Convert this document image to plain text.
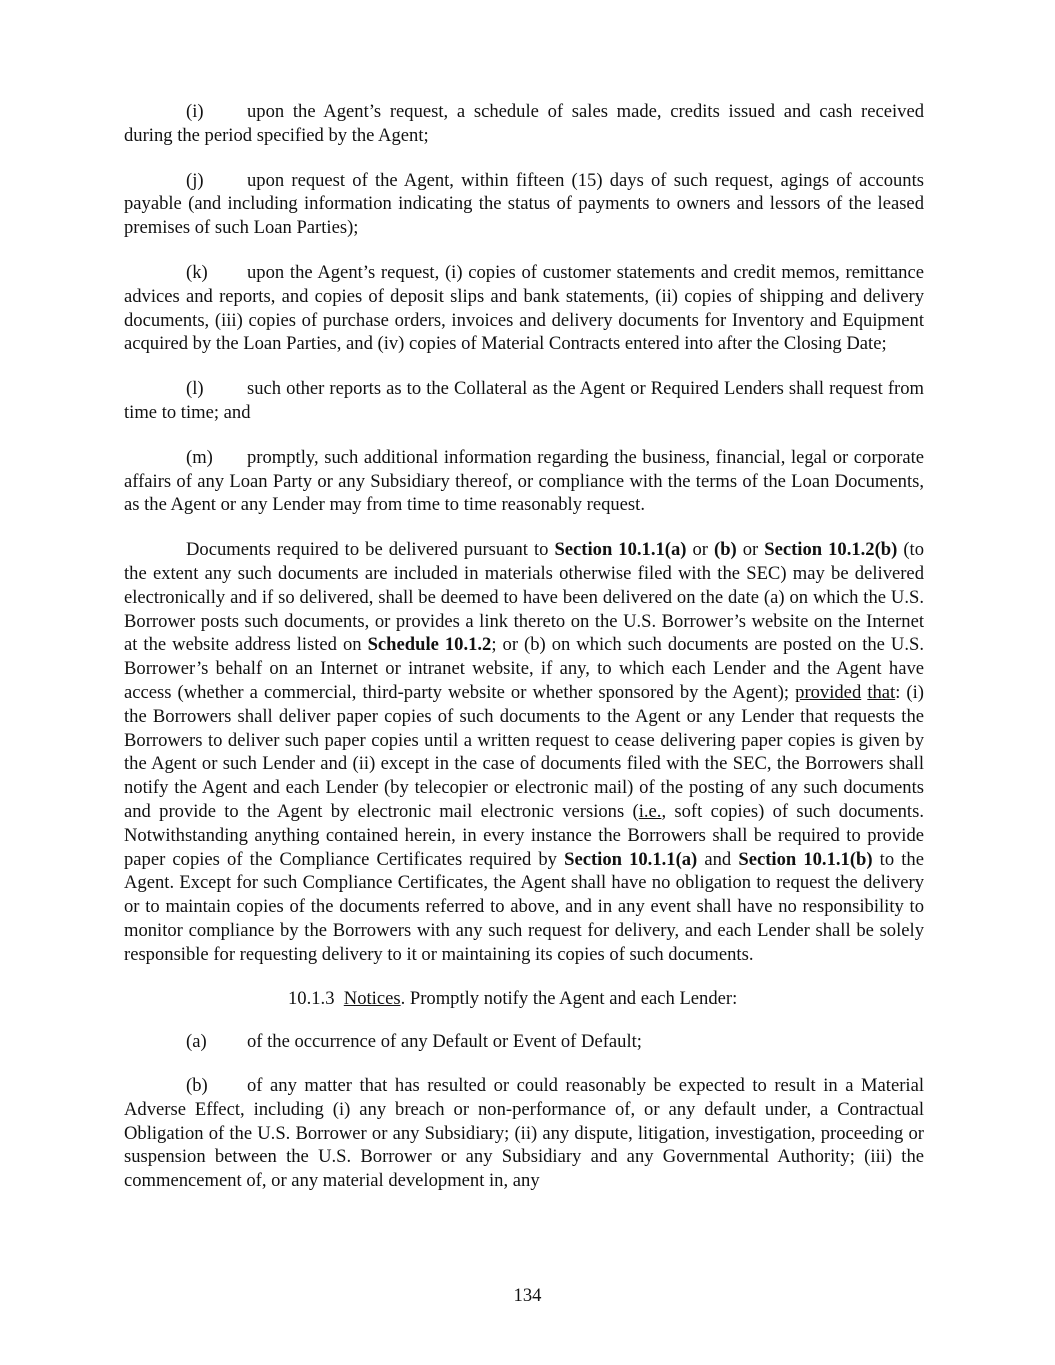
(i) upon the Agent’s request, a schedule of sales made, credits issued and cash received during the period specified by the Agent;

(j) upon request of the Agent, within fifteen (15) days of such request, agings of accounts payable (and including information indicating the status of payments to owners and lessors of the leased premises of such Loan Parties);

(k) upon the Agent’s request, (i) copies of customer statements and credit memos, remittance advices and reports, and copies of deposit slips and bank statements, (ii) copies of shipping and delivery documents, (iii) copies of purchase orders, invoices and delivery documents for Inventory and Equipment acquired by the Loan Parties, and (iv) copies of Material Contracts entered into after the Closing Date;

(l) such other reports as to the Collateral as the Agent or Required Lenders shall request from time to time; and

(m) promptly, such additional information regarding the business, financial, legal or corporate affairs of any Loan Party or any Subsidiary thereof, or compliance with the terms of the Loan Documents, as the Agent or any Lender may from time to time reasonably request.

Documents required to be delivered pursuant to Section 10.1.1(a) or (b) or Section 10.1.2(b) (to the extent any such documents are included in materials otherwise filed with the SEC) may be delivered electronically and if so delivered, shall be deemed to have been delivered on the date (a) on which the U.S. Borrower posts such documents, or provides a link thereto on the U.S. Borrower’s website on the Internet at the website address listed on Schedule 10.1.2; or (b) on which such documents are posted on the U.S. Borrower’s behalf on an Internet or intranet website, if any, to which each Lender and the Agent have access (whether a commercial, third-party website or whether sponsored by the Agent); provided that: (i) the Borrowers shall deliver paper copies of such documents to the Agent or any Lender that requests the Borrowers to deliver such paper copies until a written request to cease delivering paper copies is given by the Agent or such Lender and (ii) except in the case of documents filed with the SEC, the Borrowers shall notify the Agent and each Lender (by telecopier or electronic mail) of the posting of any such documents and provide to the Agent by electronic mail electronic versions (i.e., soft copies) of such documents. Notwithstanding anything contained herein, in every instance the Borrowers shall be required to provide paper copies of the Compliance Certificates required by Section 10.1.1(a) and Section 10.1.1(b) to the Agent. Except for such Compliance Certificates, the Agent shall have no obligation to request the delivery or to maintain copies of the documents referred to above, and in any event shall have no responsibility to monitor compliance by the Borrowers with any such request for delivery, and each Lender shall be solely responsible for requesting delivery to it or maintaining its copies of such documents.

10.1.3 Notices. Promptly notify the Agent and each Lender:

(a) of the occurrence of any Default or Event of Default;

(b) of any matter that has resulted or could reasonably be expected to result in a Material Adverse Effect, including (i) any breach or non-performance of, or any default under, a Contractual Obligation of the U.S. Borrower or any Subsidiary; (ii) any dispute, litigation, investigation, proceeding or suspension between the U.S. Borrower or any Subsidiary and any Governmental Authority; (iii) the commencement of, or any material development in, any

134
